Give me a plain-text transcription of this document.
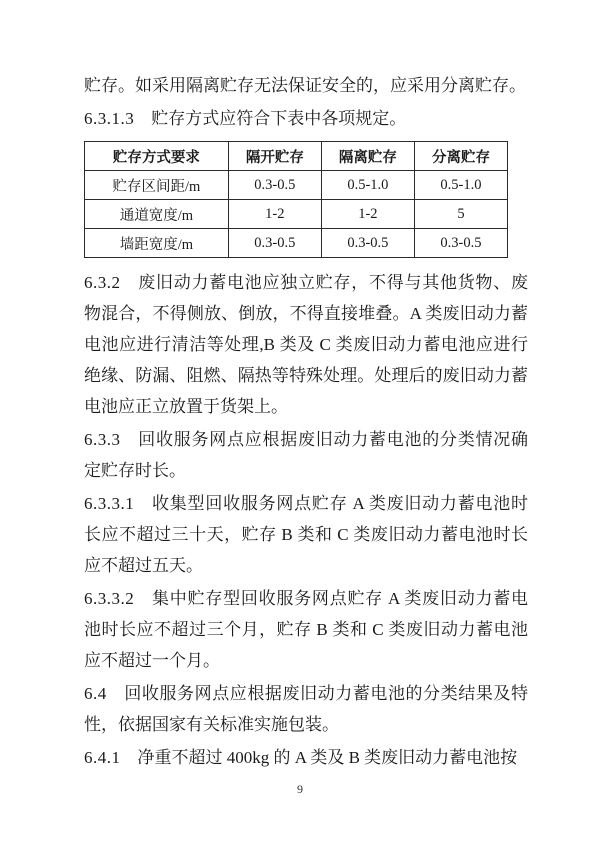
贮存。如采用隔离贮存无法保证安全的，应采用分离贮存。

6.3.1.3 贮存方式应符合下表中各项规定。

贮存方式要求	隔开贮存	隔离贮存	分离贮存
贮存区间距/m	0.3-0.5	0.5-1.0	0.5-1.0
通道宽度/m	1-2	1-2	5
墙距宽度/m	0.3-0.5	0.3-0.5	0.3-0.5

6.3.2 废旧动力蓄电池应独立贮存，不得与其他货物、废物混合，不得侧放、倒放，不得直接堆叠。A 类废旧动力蓄电池应进行清洁等处理,B 类及 C 类废旧动力蓄电池应进行绝缘、防漏、阻燃、隔热等特殊处理。处理后的废旧动力蓄电池应正立放置于货架上。

6.3.3 回收服务网点应根据废旧动力蓄电池的分类情况确定贮存时长。

6.3.3.1 收集型回收服务网点贮存 A 类废旧动力蓄电池时长应不超过三十天，贮存 B 类和 C 类废旧动力蓄电池时长应不超过五天。

6.3.3.2 集中贮存型回收服务网点贮存 A 类废旧动力蓄电池时长应不超过三个月，贮存 B 类和 C 类废旧动力蓄电池应不超过一个月。

6.4 回收服务网点应根据废旧动力蓄电池的分类结果及特性，依据国家有关标准实施包装。

6.4.1 净重不超过 400kg 的 A 类及 B 类废旧动力蓄电池按

9
